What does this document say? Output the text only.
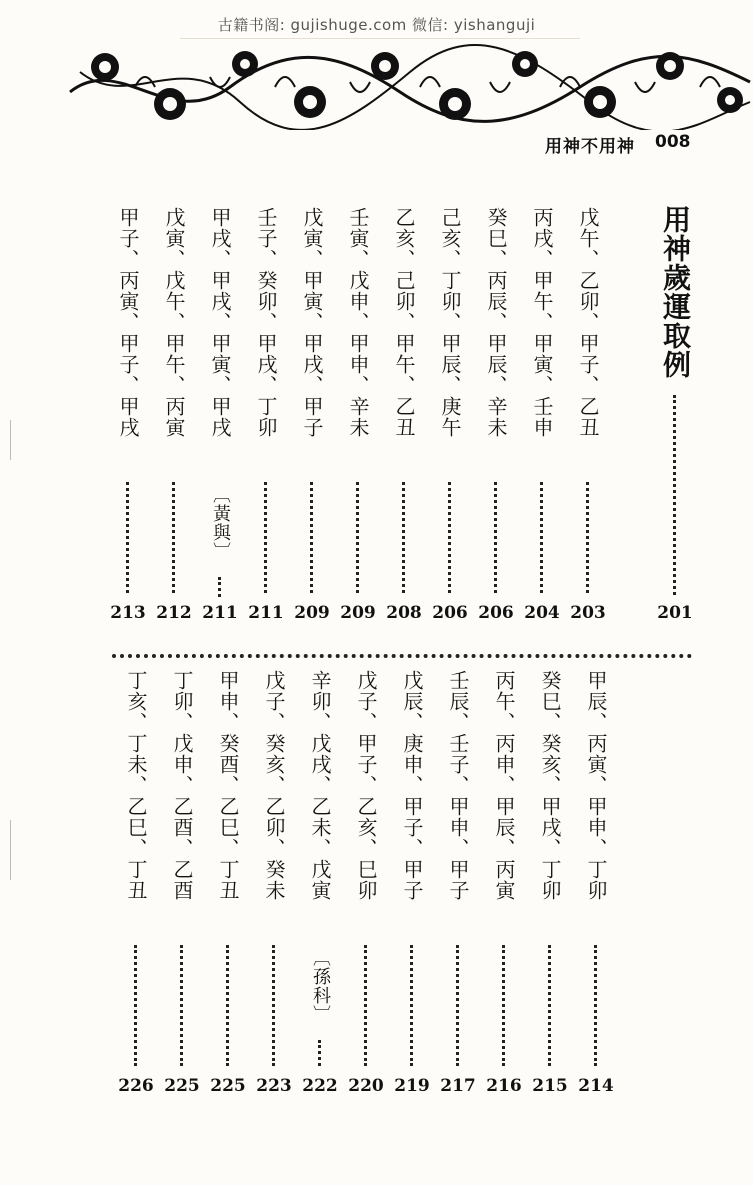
古籍书阁: gujishuge.com 微信: yishanguji
用神不用神 008
用神歲運取例
201
戊午、乙卯、甲子、乙丑
203
丙戌、甲午、甲寅、壬申
204
癸巳、丙辰、甲辰、辛未
206
己亥、丁卯、甲辰、庚午
206
乙亥、己卯、甲午、乙丑
208
壬寅、戊申、甲申、辛未
209
戊寅、甲寅、甲戌、甲子
209
壬子、癸卯、甲戌、丁卯
211
甲戌、甲戌、甲寅、甲戌
〔黃與〕
211
戊寅、戊午、甲午、丙寅
212
甲子、丙寅、甲子、甲戌
213
甲辰、丙寅、甲申、丁卯
214
癸巳、癸亥、甲戌、丁卯
215
丙午、丙申、甲辰、丙寅
216
壬辰、壬子、甲申、甲子
217
戊辰、庚申、甲子、甲子
219
戊子、甲子、乙亥、巳卯
220
辛卯、戊戌、乙未、戊寅
〔孫科〕
222
戊子、癸亥、乙卯、癸未
223
甲申、癸酉、乙巳、丁丑
225
丁卯、戊申、乙酉、乙酉
225
丁亥、丁未、乙巳、丁丑
226
